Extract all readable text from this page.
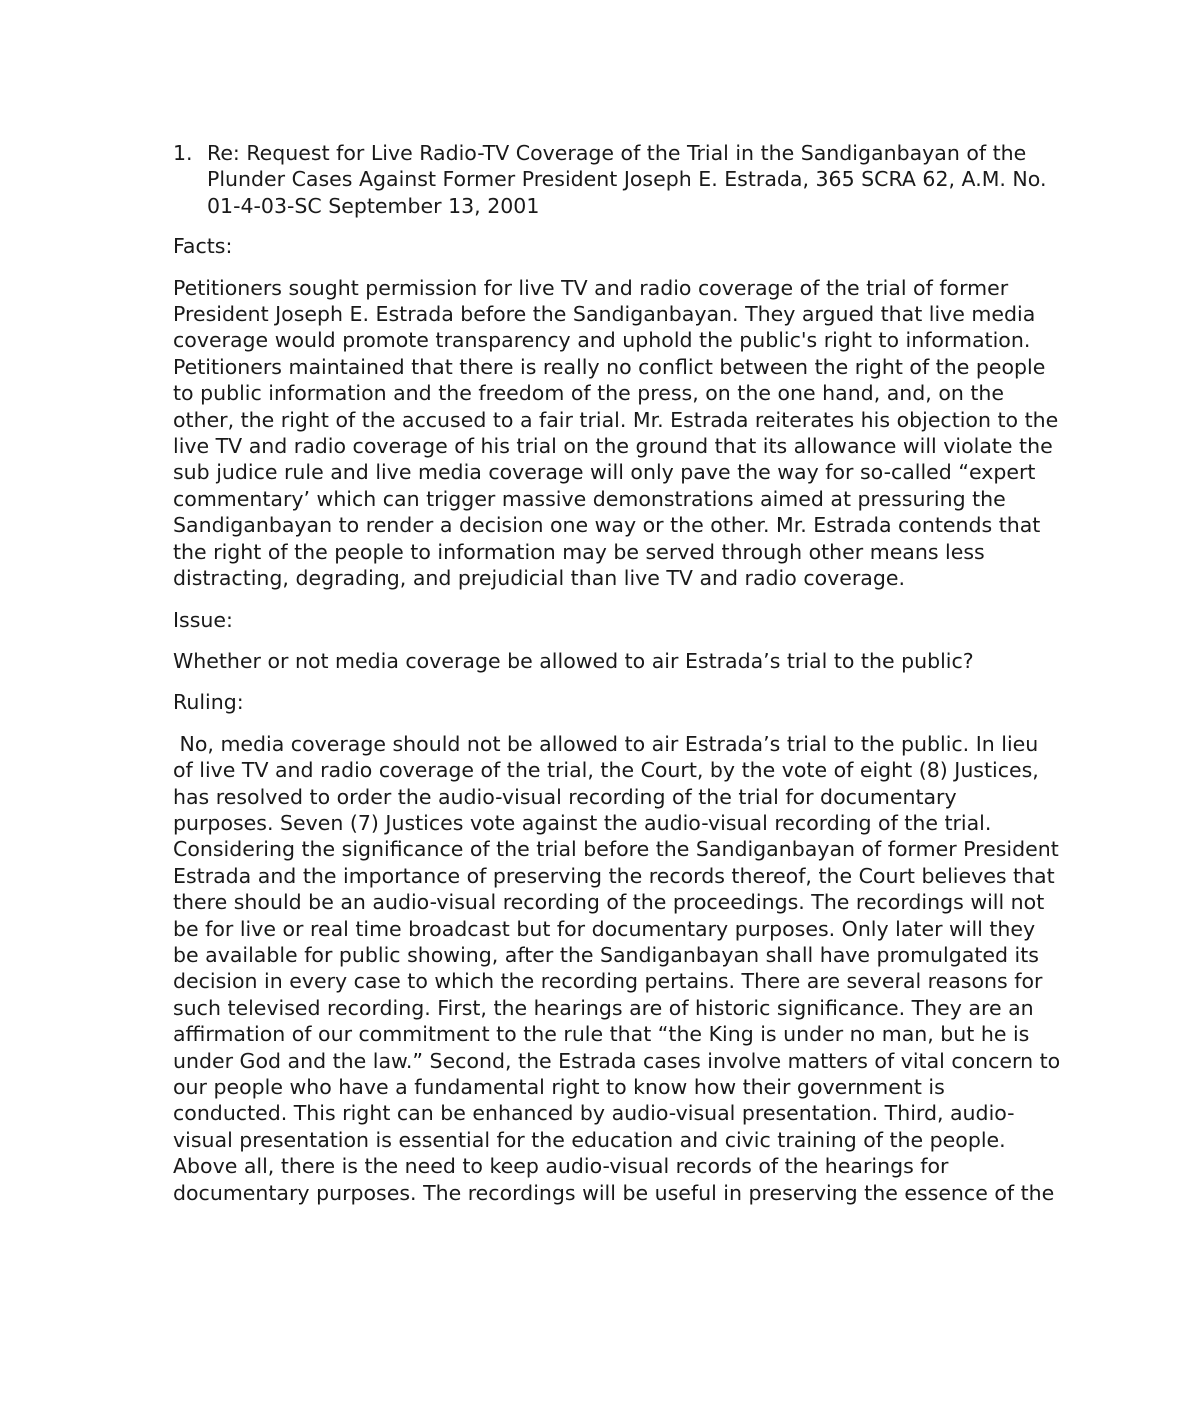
1. Re: Request for Live Radio-TV Coverage of the Trial in the Sandiganbayan of the Plunder Cases Against Former President Joseph E. Estrada, 365 SCRA 62, A.M. No. 01-4-03-SC September 13, 2001

Facts:

Petitioners sought permission for live TV and radio coverage of the trial of former President Joseph E. Estrada before the Sandiganbayan. They argued that live media coverage would promote transparency and uphold the public's right to information. Petitioners maintained that there is really no conflict between the right of the people to public information and the freedom of the press, on the one hand, and, on the other, the right of the accused to a fair trial. Mr. Estrada reiterates his objection to the live TV and radio coverage of his trial on the ground that its allowance will violate the sub judice rule and live media coverage will only pave the way for so-called “expert commentary’ which can trigger massive demonstrations aimed at pressuring the Sandiganbayan to render a decision one way or the other. Mr. Estrada contends that the right of the people to information may be served through other means less distracting, degrading, and prejudicial than live TV and radio coverage.

Issue:

Whether or not media coverage be allowed to air Estrada’s trial to the public?

Ruling:

No, media coverage should not be allowed to air Estrada’s trial to the public. In lieu of live TV and radio coverage of the trial, the Court, by the vote of eight (8) Justices, has resolved to order the audio-visual recording of the trial for documentary purposes. Seven (7) Justices vote against the audio-visual recording of the trial. Considering the significance of the trial before the Sandiganbayan of former President Estrada and the importance of preserving the records thereof, the Court believes that there should be an audio-visual recording of the proceedings. The recordings will not be for live or real time broadcast but for documentary purposes. Only later will they be available for public showing, after the Sandiganbayan shall have promulgated its decision in every case to which the recording pertains. There are several reasons for such televised recording. First, the hearings are of historic significance. They are an affirmation of our commitment to the rule that “the King is under no man, but he is under God and the law.” Second, the Estrada cases involve matters of vital concern to our people who have a fundamental right to know how their government is conducted. This right can be enhanced by audio-visual presentation. Third, audio-visual presentation is essential for the education and civic training of the people. Above all, there is the need to keep audio-visual records of the hearings for documentary purposes. The recordings will be useful in preserving the essence of the
